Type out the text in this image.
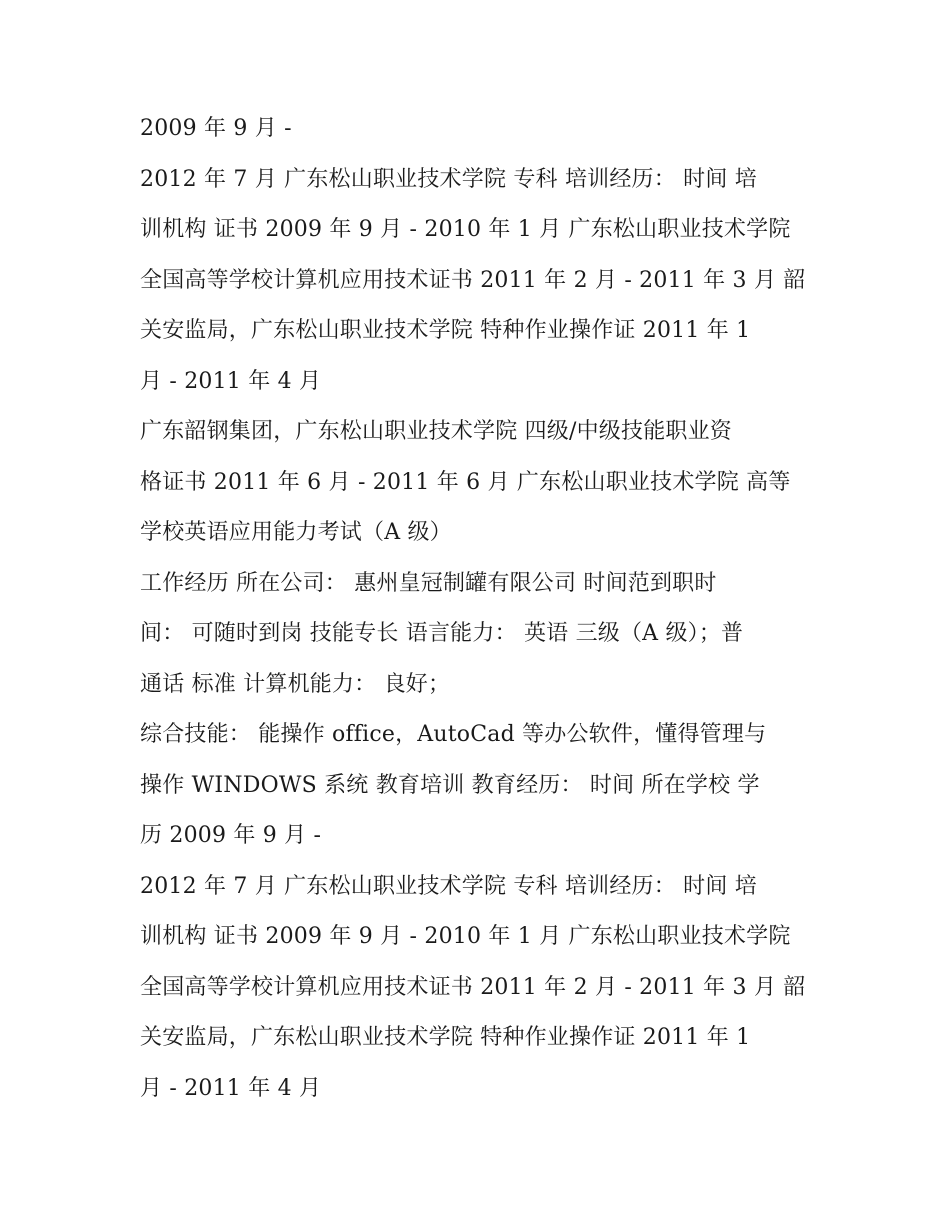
2009 年 9 月 -
2012 年 7 月 广东松山职业技术学院 专科 培训经历： 时间 培
训机构 证书 2009 年 9 月 - 2010 年 1 月 广东松山职业技术学院
全国高等学校计算机应用技术证书 2011 年 2 月 - 2011 年 3 月 韶
关安监局，广东松山职业技术学院 特种作业操作证 2011 年 1
月 - 2011 年 4 月
广东韶钢集团，广东松山职业技术学院 四级/中级技能职业资
格证书 2011 年 6 月 - 2011 年 6 月 广东松山职业技术学院 高等
学校英语应用能力考试（A 级）
工作经历 所在公司： 惠州皇冠制罐有限公司 时间范到职时
间： 可随时到岗 技能专长 语言能力： 英语 三级（A 级）；普
通话 标准 计算机能力： 良好；
综合技能： 能操作 office，AutoCad 等办公软件，懂得管理与
操作 WINDOWS 系统 教育培训 教育经历： 时间 所在学校 学
历 2009 年 9 月 -
2012 年 7 月 广东松山职业技术学院 专科 培训经历： 时间 培
训机构 证书 2009 年 9 月 - 2010 年 1 月 广东松山职业技术学院
全国高等学校计算机应用技术证书 2011 年 2 月 - 2011 年 3 月 韶
关安监局，广东松山职业技术学院 特种作业操作证 2011 年 1
月 - 2011 年 4 月
